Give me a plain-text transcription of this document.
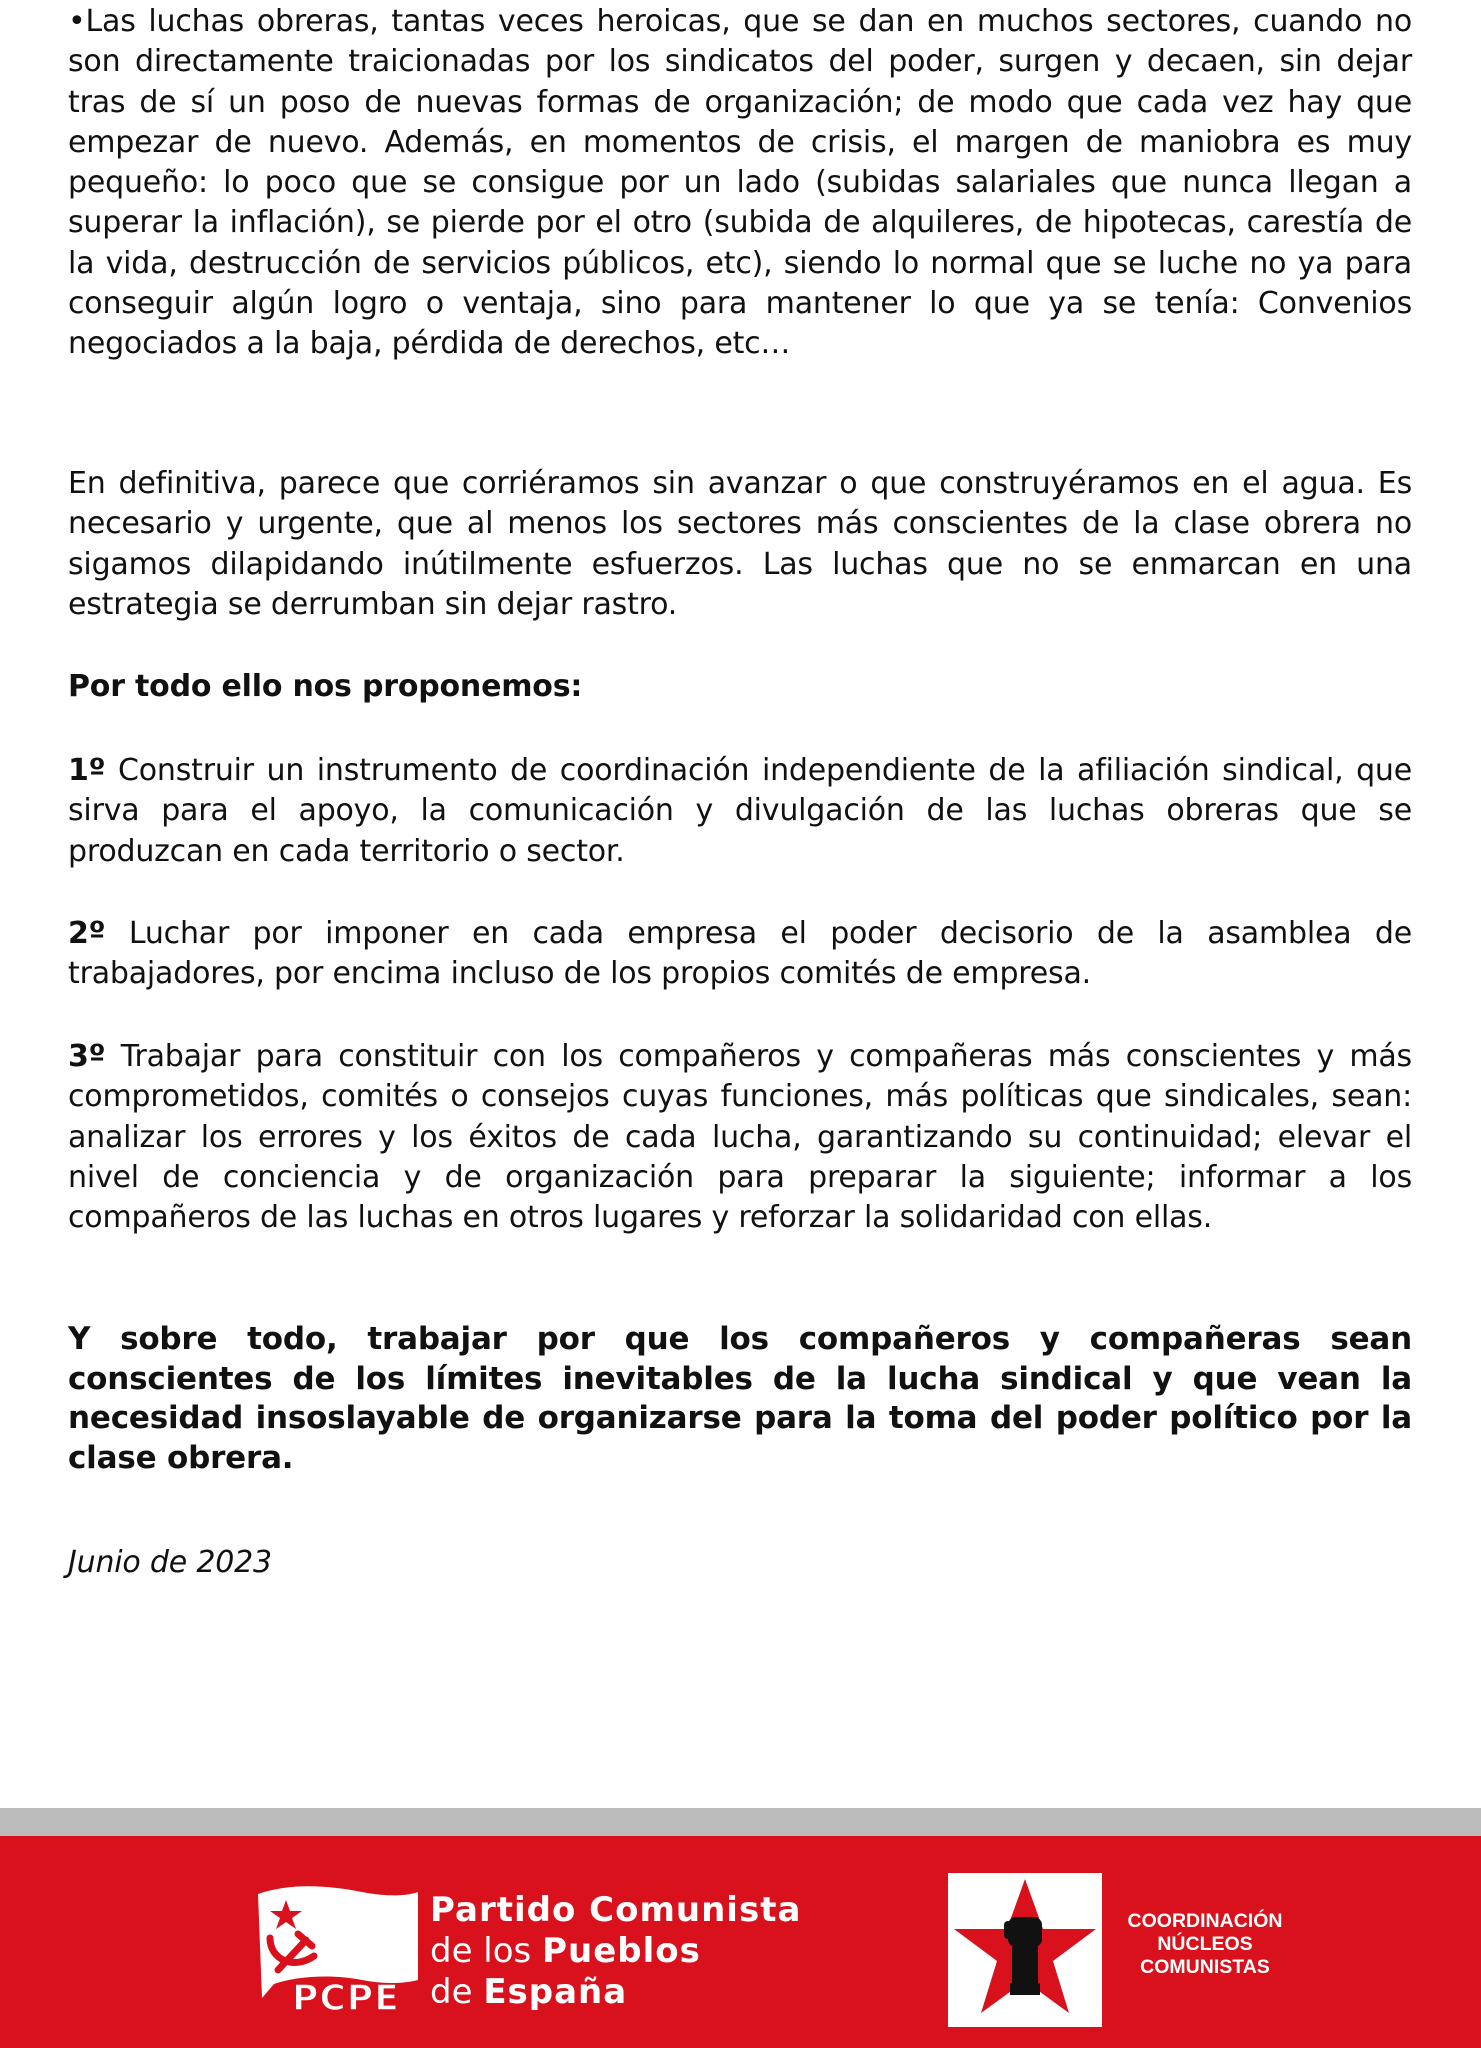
•Las luchas obreras, tantas veces heroicas, que se dan en muchos sectores, cuando no son directamente traicionadas por los sindicatos del poder, surgen y decaen, sin dejar tras de sí un poso de nuevas formas de organización; de modo que cada vez hay que empezar de nuevo. Además, en momentos de crisis, el margen de maniobra es muy pequeño: lo poco que se consigue por un lado (subidas salariales que nunca llegan a superar la inflación), se pierde por el otro (subida de alquileres, de hipotecas, carestía de la vida, destrucción de servicios públicos, etc), siendo lo normal que se luche no ya para conseguir algún logro o ventaja, sino para mantener lo que ya se tenía: Convenios negociados a la baja, pérdida de derechos, etc…

En definitiva, parece que corriéramos sin avanzar o que construyéramos en el agua. Es necesario y urgente, que al menos los sectores más conscientes de la clase obrera no sigamos dilapidando inútilmente esfuerzos. Las luchas que no se enmarcan en una estrategia se derrumban sin dejar rastro.

Por todo ello nos proponemos:

1º Construir un instrumento de coordinación independiente de la afiliación sindical, que sirva para el apoyo, la comunicación y divulgación de las luchas obreras que se produzcan en cada territorio o sector.

2º Luchar por imponer en cada empresa el poder decisorio de la asamblea de trabajadores, por encima incluso de los propios comités de empresa.

3º Trabajar para constituir con los compañeros y compañeras más conscientes y más comprometidos, comités o consejos cuyas funciones, más políticas que sindicales, sean: analizar los errores y los éxitos de cada lucha, garantizando su continuidad; elevar el nivel de conciencia y de organización para preparar la siguiente; informar a los compañeros de las luchas en otros lugares y reforzar la solidaridad con ellas.

Y sobre todo, trabajar por que los compañeros y compañeras sean conscientes de los límites inevitables de la lucha sindical y que vean la necesidad insoslayable de organizarse para la toma del poder político por la clase obrera.

Junio de 2023

PCPE
Partido Comunista
de los Pueblos
de España
COORDINACIÓN
NÚCLEOS
COMUNISTAS
